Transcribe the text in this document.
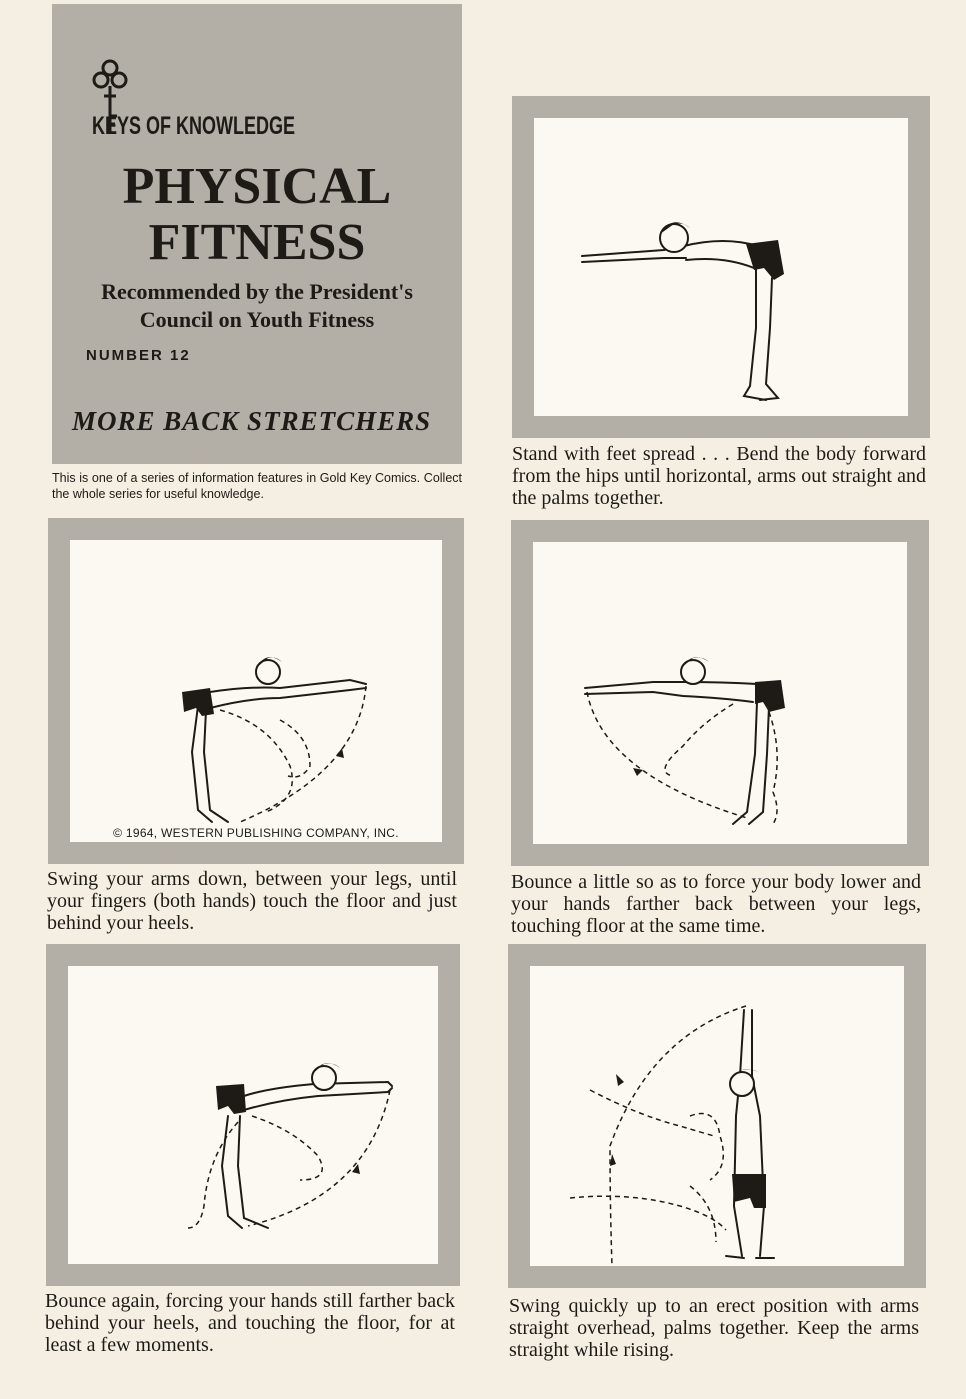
KEYS OF KNOWLEDGE
PHYSICAL
FITNESS
Recommended by the President's
Council on Youth Fitness
NUMBER 12
MORE BACK STRETCHERS
This is one of a series of information features in Gold Key Comics. Collect the whole series for useful knowledge.
Stand with feet spread . . . Bend the body forward from the hips until horizontal, arms out straight and the palms together.
© 1964, WESTERN PUBLISHING COMPANY, INC.
Swing your arms down, between your legs, until your fingers (both hands) touch the floor and just behind your heels.
Bounce a little so as to force your body lower and your hands farther back between your legs, touching floor at the same time.
Bounce again, forcing your hands still farther back behind your heels, and touching the floor, for at least a few moments.
Swing quickly up to an erect position with arms straight overhead, palms together. Keep the arms straight while rising.
